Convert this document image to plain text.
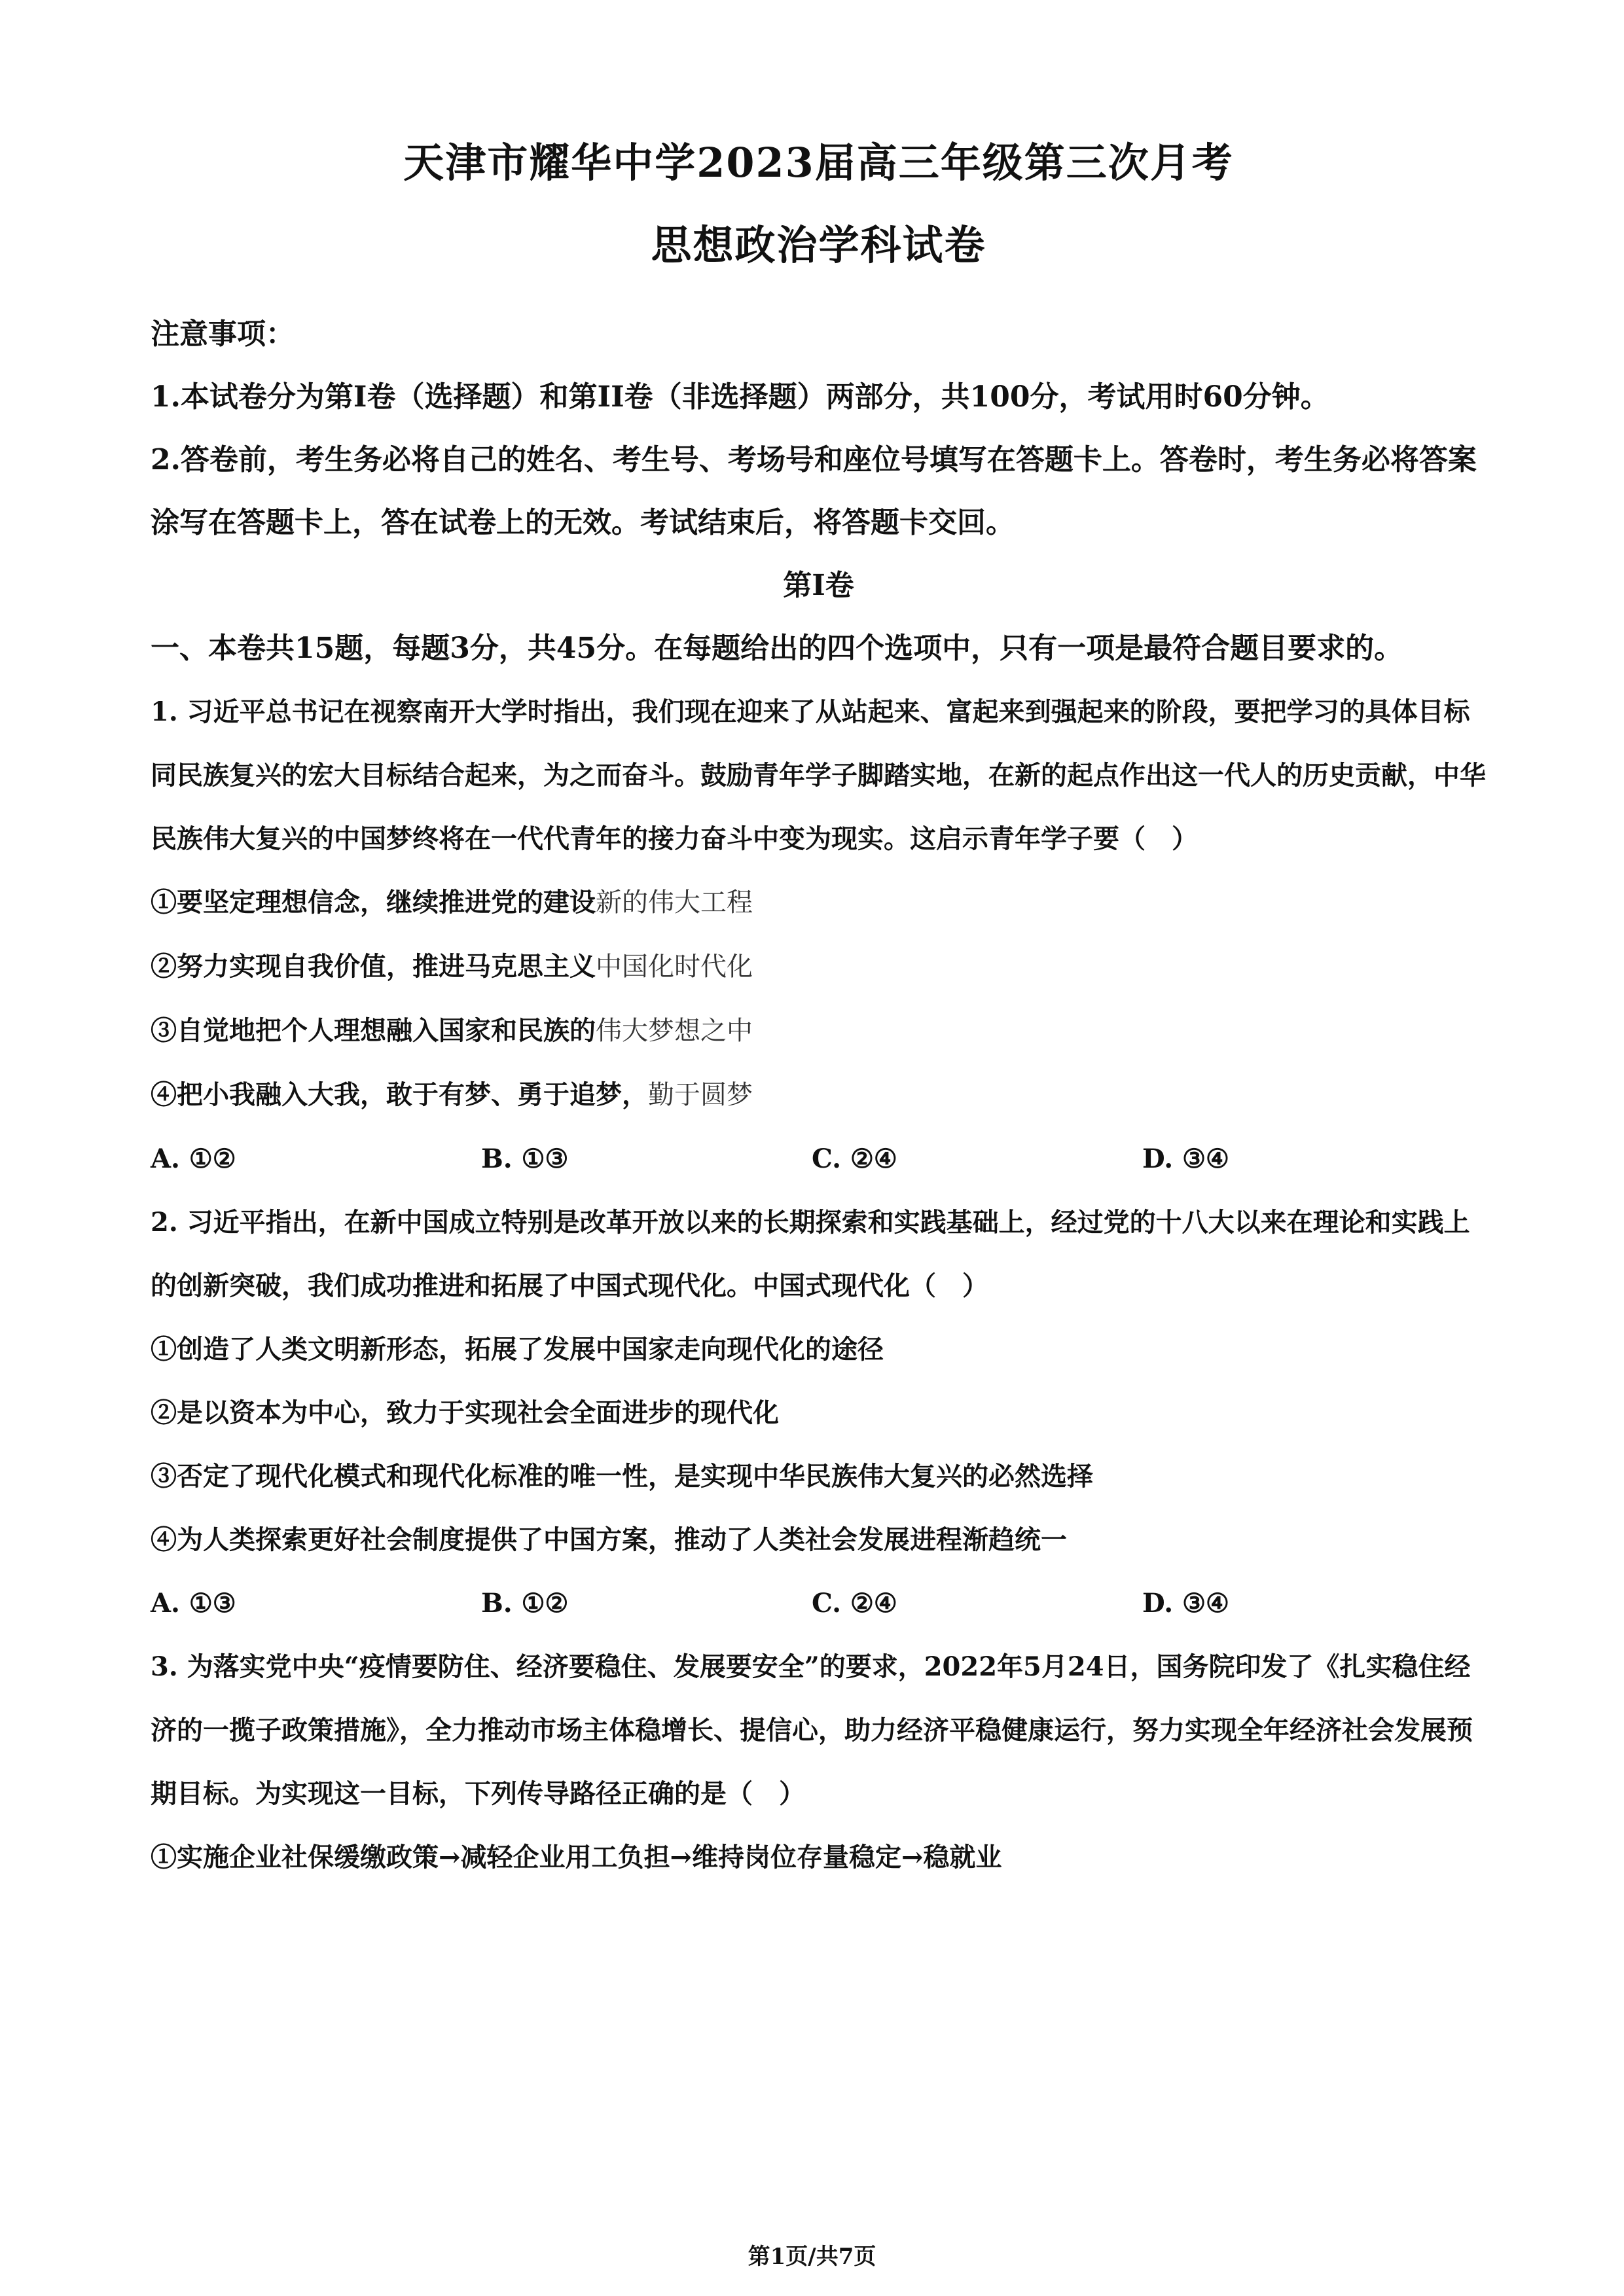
天津市耀华中学2023届高三年级第三次月考
思想政治学科试卷

注意事项：

1.本试卷分为第Ⅰ卷（选择题）和第II卷（非选择题）两部分，共100分，考试用时60分钟。

2.答卷前，考生务必将自己的姓名、考生号、考场号和座位号填写在答题卡上。答卷时，考生务必将答案涂写在答题卡上，答在试卷上的无效。考试结束后，将答题卡交回。

第Ⅰ卷

一、本卷共15题，每题3分，共45分。在每题给出的四个选项中，只有一项是最符合题目要求的。

1. 习近平总书记在视察南开大学时指出，我们现在迎来了从站起来、富起来到强起来的阶段，要把学习的具体目标同民族复兴的宏大目标结合起来，为之而奋斗。鼓励青年学子脚踏实地，在新的起点作出这一代人的历史贡献，中华民族伟大复兴的中国梦终将在一代代青年的接力奋斗中变为现实。这启示青年学子要（　）

①要坚定理想信念，继续推进党的建设新的伟大工程

②努力实现自我价值，推进马克思主义中国化时代化

③自觉地把个人理想融入国家和民族的伟大梦想之中

④把小我融入大我，敢于有梦、勇于追梦，勤于圆梦

A. ①②	B. ①③	C. ②④	D. ③④

2. 习近平指出，在新中国成立特别是改革开放以来的长期探索和实践基础上，经过党的十八大以来在理论和实践上的创新突破，我们成功推进和拓展了中国式现代化。中国式现代化（　）

①创造了人类文明新形态，拓展了发展中国家走向现代化的途径

②是以资本为中心，致力于实现社会全面进步的现代化

③否定了现代化模式和现代化标准的唯一性，是实现中华民族伟大复兴的必然选择

④为人类探索更好社会制度提供了中国方案，推动了人类社会发展进程渐趋统一

A. ①③	B. ①②	C. ②④	D. ③④

3. 为落实党中央“疫情要防住、经济要稳住、发展要安全”的要求，2022年5月24日，国务院印发了《扎实稳住经济的一揽子政策措施》，全力推动市场主体稳增长、提信心，助力经济平稳健康运行，努力实现全年经济社会发展预期目标。为实现这一目标，下列传导路径正确的是（　）

①实施企业社保缓缴政策→减轻企业用工负担→维持岗位存量稳定→稳就业

第1页/共7页
